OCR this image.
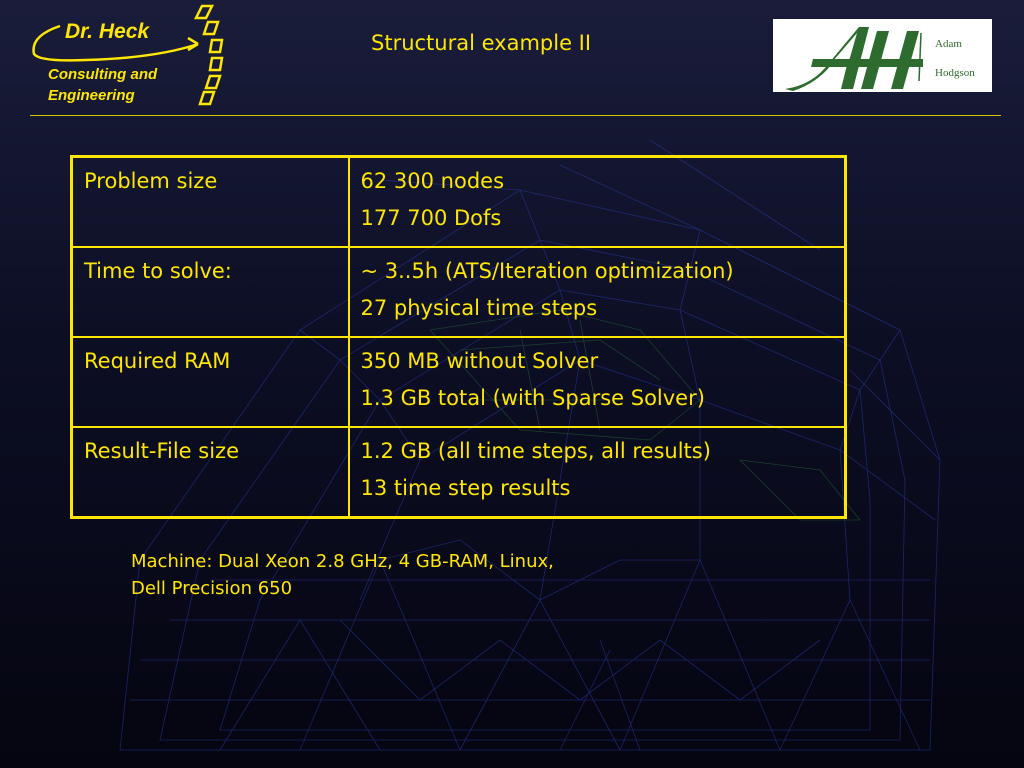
Dr. Heck
Consulting and
Engineering
Structural example II	Adam
Hodgson
Problem size	62 300 nodes
177 700 Dofs

Time to solve:	~ 3..5h (ATS/Iteration optimization)
27 physical time steps

Required RAM	350 MB without Solver
1.3 GB total (with Sparse Solver)

Result-File size	1.2 GB (all time steps, all results)
13 time step results
Machine: Dual Xeon 2.8 GHz, 4 GB-RAM, Linux,
Dell Precision 650
